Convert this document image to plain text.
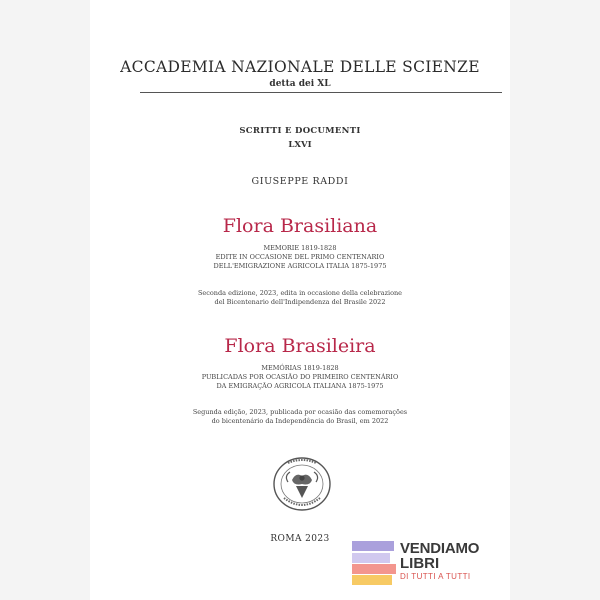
ACCADEMIA NAZIONALE DELLE SCIENZE
detta dei XL
SCRITTI E DOCUMENTI
LXVI
GIUSEPPE RADDI
Flora Brasiliana
MEMORIE 1819-1828
EDITE IN OCCASIONE DEL PRIMO CENTENARIO
DELL'EMIGRAZIONE AGRICOLA ITALIA 1875-1975
Seconda edizione, 2023, edita in occasione della celebrazione
del Bicentenario dell'Indipendenza del Brasile 2022
Flora Brasileira
MEMÓRIAS 1819-1828
PUBLICADAS POR OCASIÃO DO PRIMEIRO CENTENÁRIO
DA EMIGRAÇÃO AGRICOLA ITALIANA 1875-1975
Segunda edição, 2023, publicada por ocasião das comemorações
do bicentenário da Independência do Brasil, em 2022
ROMA 2023
VENDIAMO
LIBRI
DI TUTTI A TUTTI
